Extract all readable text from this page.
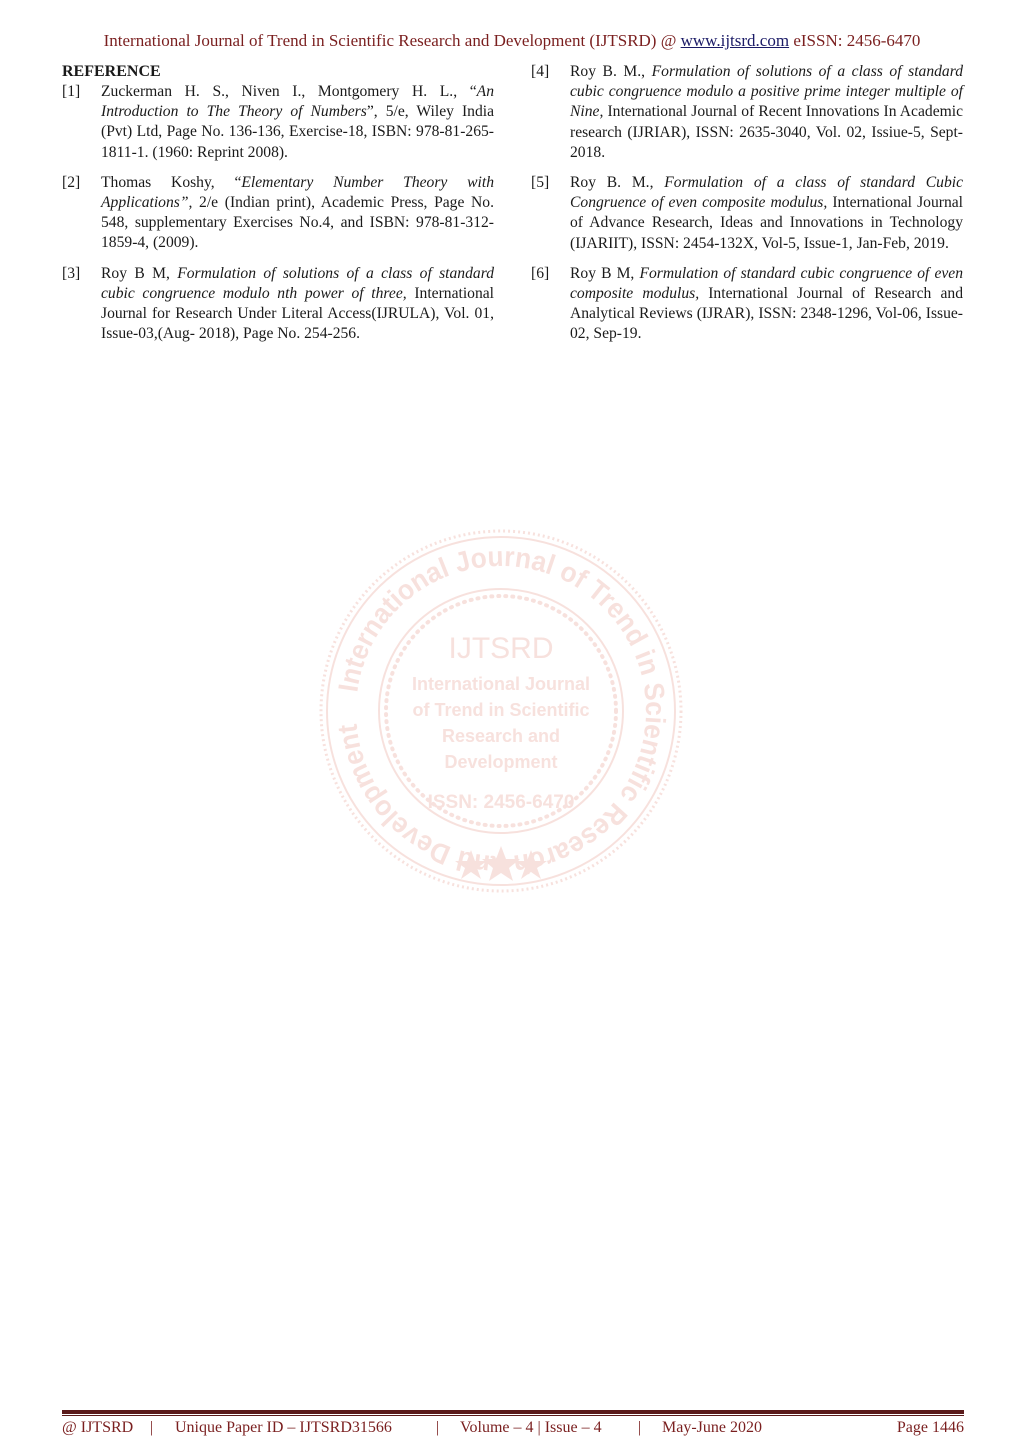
International Journal of Trend in Scientific Research and Development (IJTSRD) @ www.ijtsrd.com eISSN: 2456-6470
REFERENCE
[1] Zuckerman H. S., Niven I., Montgomery H. L., “An Introduction to The Theory of Numbers”, 5/e, Wiley India (Pvt) Ltd, Page No. 136-136, Exercise-18, ISBN: 978-81-265-1811-1. (1960: Reprint 2008).
[2] Thomas Koshy, “Elementary Number Theory with Applications”, 2/e (Indian print), Academic Press, Page No. 548, supplementary Exercises No.4, and ISBN: 978-81-312-1859-4, (2009).
[3] Roy B M, Formulation of solutions of a class of standard cubic congruence modulo nth power of three, International Journal for Research Under Literal Access(IJRULA), Vol. 01, Issue-03,(Aug- 2018), Page No. 254-256.
[4] Roy B. M., Formulation of solutions of a class of standard cubic congruence modulo a positive prime integer multiple of Nine, International Journal of Recent Innovations In Academic research (IJRIAR), ISSN: 2635-3040, Vol. 02, Issiue-5, Sept-2018.
[5] Roy B. M., Formulation of a class of standard Cubic Congruence of even composite modulus, International Journal of Advance Research, Ideas and Innovations in Technology (IJARIIT), ISSN: 2454-132X, Vol-5, Issue-1, Jan-Feb, 2019.
[6] Roy B M, Formulation of standard cubic congruence of even composite modulus, International Journal of Research and Analytical Reviews (IJRAR), ISSN: 2348-1296, Vol-06, Issue-02, Sep-19.
International Journal of Trend in Scientific Resear Development
IJTSRD
International Journal
of Trend in Scientific
Research and
Development
ISSN: 2456-6470
@ IJTSRD | Unique Paper ID – IJTSRD31566	| Volume – 4 | Issue – 4 | May-June 2020	Page 1446
